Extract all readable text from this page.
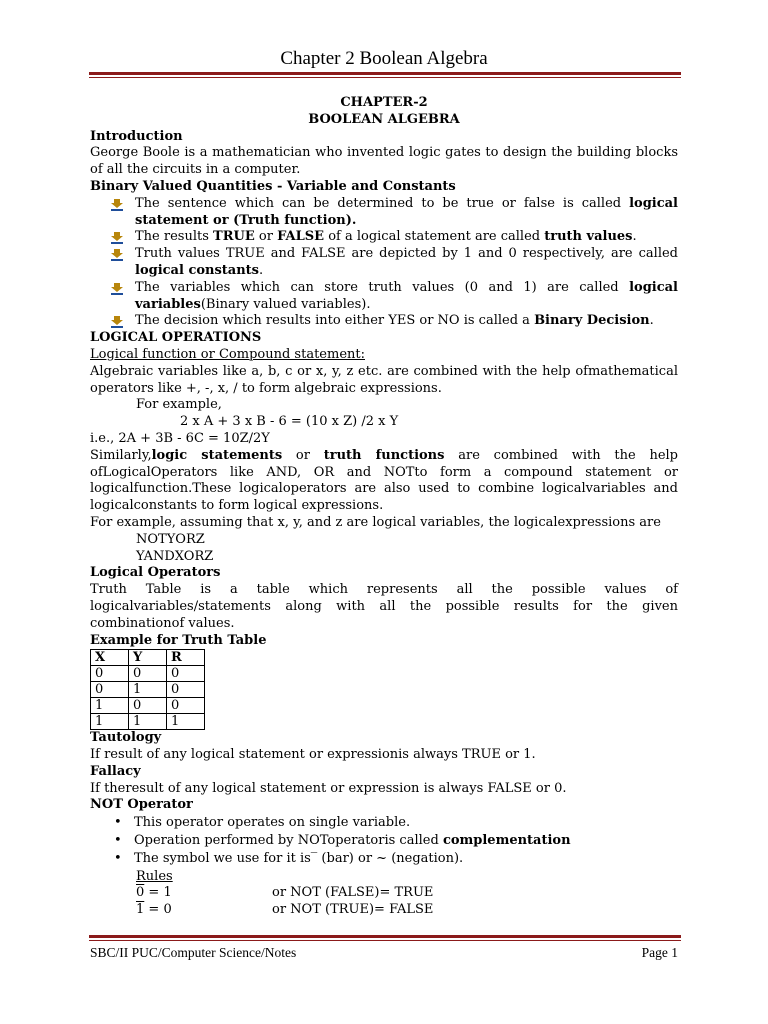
Chapter 2 Boolean Algebra

CHAPTER-2

BOOLEAN ALGEBRA

Introduction

George Boole is a mathematician who invented logic gates to design the building blocks of all the circuits in a computer.

Binary Valued Quantities - Variable and Constants

The sentence which can be determined to be true or false is called logical statement or (Truth function).
The results TRUE or FALSE of a logical statement are called truth values.
Truth values TRUE and FALSE are depicted by 1 and 0 respectively, are called logical constants.
The variables which can store truth values (0 and 1) are called logical variables(Binary valued variables).
The decision which results into either YES or NO is called a Binary Decision.

LOGICAL OPERATIONS

Logical function or Compound statement:

Algebraic variables like a, b, c or x, y, z etc. are combined with the help ofmathematical operators like +, -, x, / to form algebraic expressions.

For example,

2 x A + 3 x B - 6 = (10 x Z) /2 x Y

i.e., 2A + 3B - 6C = 10Z/2Y

Similarly,logic statements or truth functions are combined with the help ofLogicalOperators like AND, OR and NOTto form a compound statement or logicalfunction.These logicaloperators are also used to combine logicalvariables and logicalconstants to form logical expressions.

For example, assuming that x, y, and z are logical variables, the logicalexpressions are

NOTYORZ

YANDXORZ

Logical Operators

Truth Table is a table which represents all the possible values of logicalvariables/statements along with all the possible results for the given combinationof values.

Example for Truth Table

X	Y	R
0	0	0
0	1	0
1	0	0
1	1	1

Tautology

If result of any logical statement or expressionis always TRUE or 1.

Fallacy

If theresult of any logical statement or expression is always FALSE or 0.

NOT Operator

• This operator operates on single variable.
• Operation performed by NOToperatoris called complementation
• The symbol we use for it is‾ (bar) or ~ (negation).

Rules

0 = 1	or NOT (FALSE)= TRUE
1 = 0	or NOT (TRUE)= FALSE
SBC/II PUC/Computer Science/Notes	Page 1
